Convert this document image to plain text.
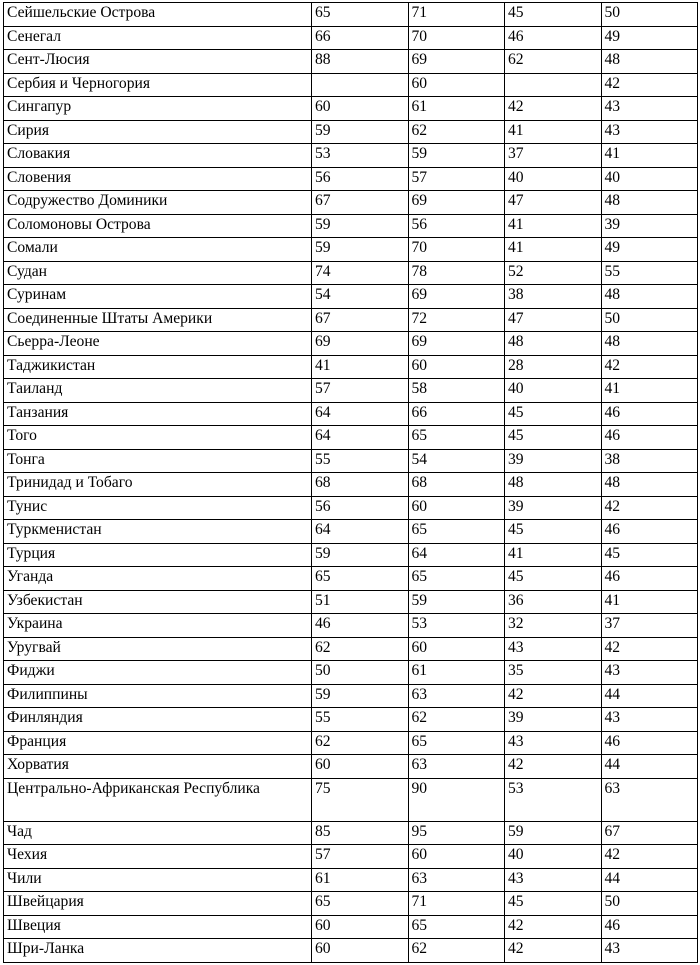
Сейшельские Острова	65	71	45	50
Сенегал	66	70	46	49
Сент-Люсия	88	69	62	48
Сербия и Черногория		60		42
Сингапур	60	61	42	43
Сирия	59	62	41	43
Словакия	53	59	37	41
Словения	56	57	40	40
Содружество Доминики	67	69	47	48
Соломоновы Острова	59	56	41	39
Сомали	59	70	41	49
Судан	74	78	52	55
Суринам	54	69	38	48
Соединенные Штаты Америки	67	72	47	50
Сьерра-Леоне	69	69	48	48
Таджикистан	41	60	28	42
Таиланд	57	58	40	41
Танзания	64	66	45	46
Того	64	65	45	46
Тонга	55	54	39	38
Тринидад и Тобаго	68	68	48	48
Тунис	56	60	39	42
Туркменистан	64	65	45	46
Турция	59	64	41	45
Уганда	65	65	45	46
Узбекистан	51	59	36	41
Украина	46	53	32	37
Уругвай	62	60	43	42
Фиджи	50	61	35	43
Филиппины	59	63	42	44
Финляндия	55	62	39	43
Франция	62	65	43	46
Хорватия	60	63	42	44
Центрально-Африканская Республика	75	90	53	63
Чад	85	95	59	67
Чехия	57	60	40	42
Чили	61	63	43	44
Швейцария	65	71	45	50
Швеция	60	65	42	46
Шри-Ланка	60	62	42	43
